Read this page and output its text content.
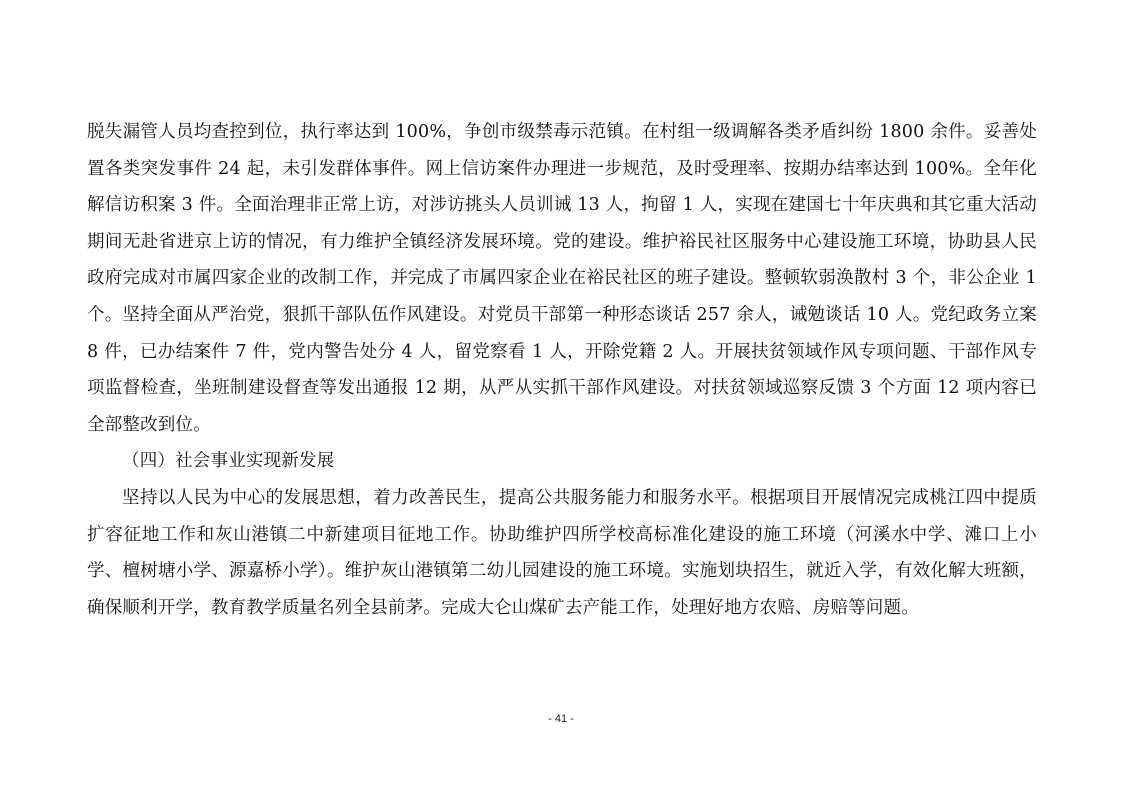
脱失漏管人员均查控到位，执行率达到 100%，争创市级禁毒示范镇。在村组一级调解各类矛盾纠纷 1800 余件。妥善处置各类突发事件 24 起，未引发群体事件。网上信访案件办理进一步规范，及时受理率、按期办结率达到 100%。全年化解信访积案 3 件。全面治理非正常上访，对涉访挑头人员训诫 13 人，拘留 1 人，实现在建国七十年庆典和其它重大活动期间无赴省进京上访的情况，有力维护全镇经济发展环境。党的建设。维护裕民社区服务中心建设施工环境，协助县人民政府完成对市属四家企业的改制工作，并完成了市属四家企业在裕民社区的班子建设。整顿软弱涣散村 3 个，非公企业 1 个。坚持全面从严治党，狠抓干部队伍作风建设。对党员干部第一种形态谈话 257 余人，诫勉谈话 10 人。党纪政务立案 8 件，已办结案件 7 件，党内警告处分 4 人，留党察看 1 人，开除党籍 2 人。开展扶贫领域作风专项问题、干部作风专项监督检查，坐班制建设督查等发出通报 12 期，从严从实抓干部作风建设。对扶贫领域巡察反馈 3 个方面 12 项内容已全部整改到位。

（四）社会事业实现新发展

坚持以人民为中心的发展思想，着力改善民生，提高公共服务能力和服务水平。根据项目开展情况完成桃江四中提质扩容征地工作和灰山港镇二中新建项目征地工作。协助维护四所学校高标准化建设的施工环境（河溪水中学、滩口上小学、檀树塘小学、源嘉桥小学）。维护灰山港镇第二幼儿园建设的施工环境。实施划块招生，就近入学，有效化解大班额，确保顺利开学，教育教学质量名列全县前茅。完成大仑山煤矿去产能工作，处理好地方农赔、房赔等问题。

- 41 -
